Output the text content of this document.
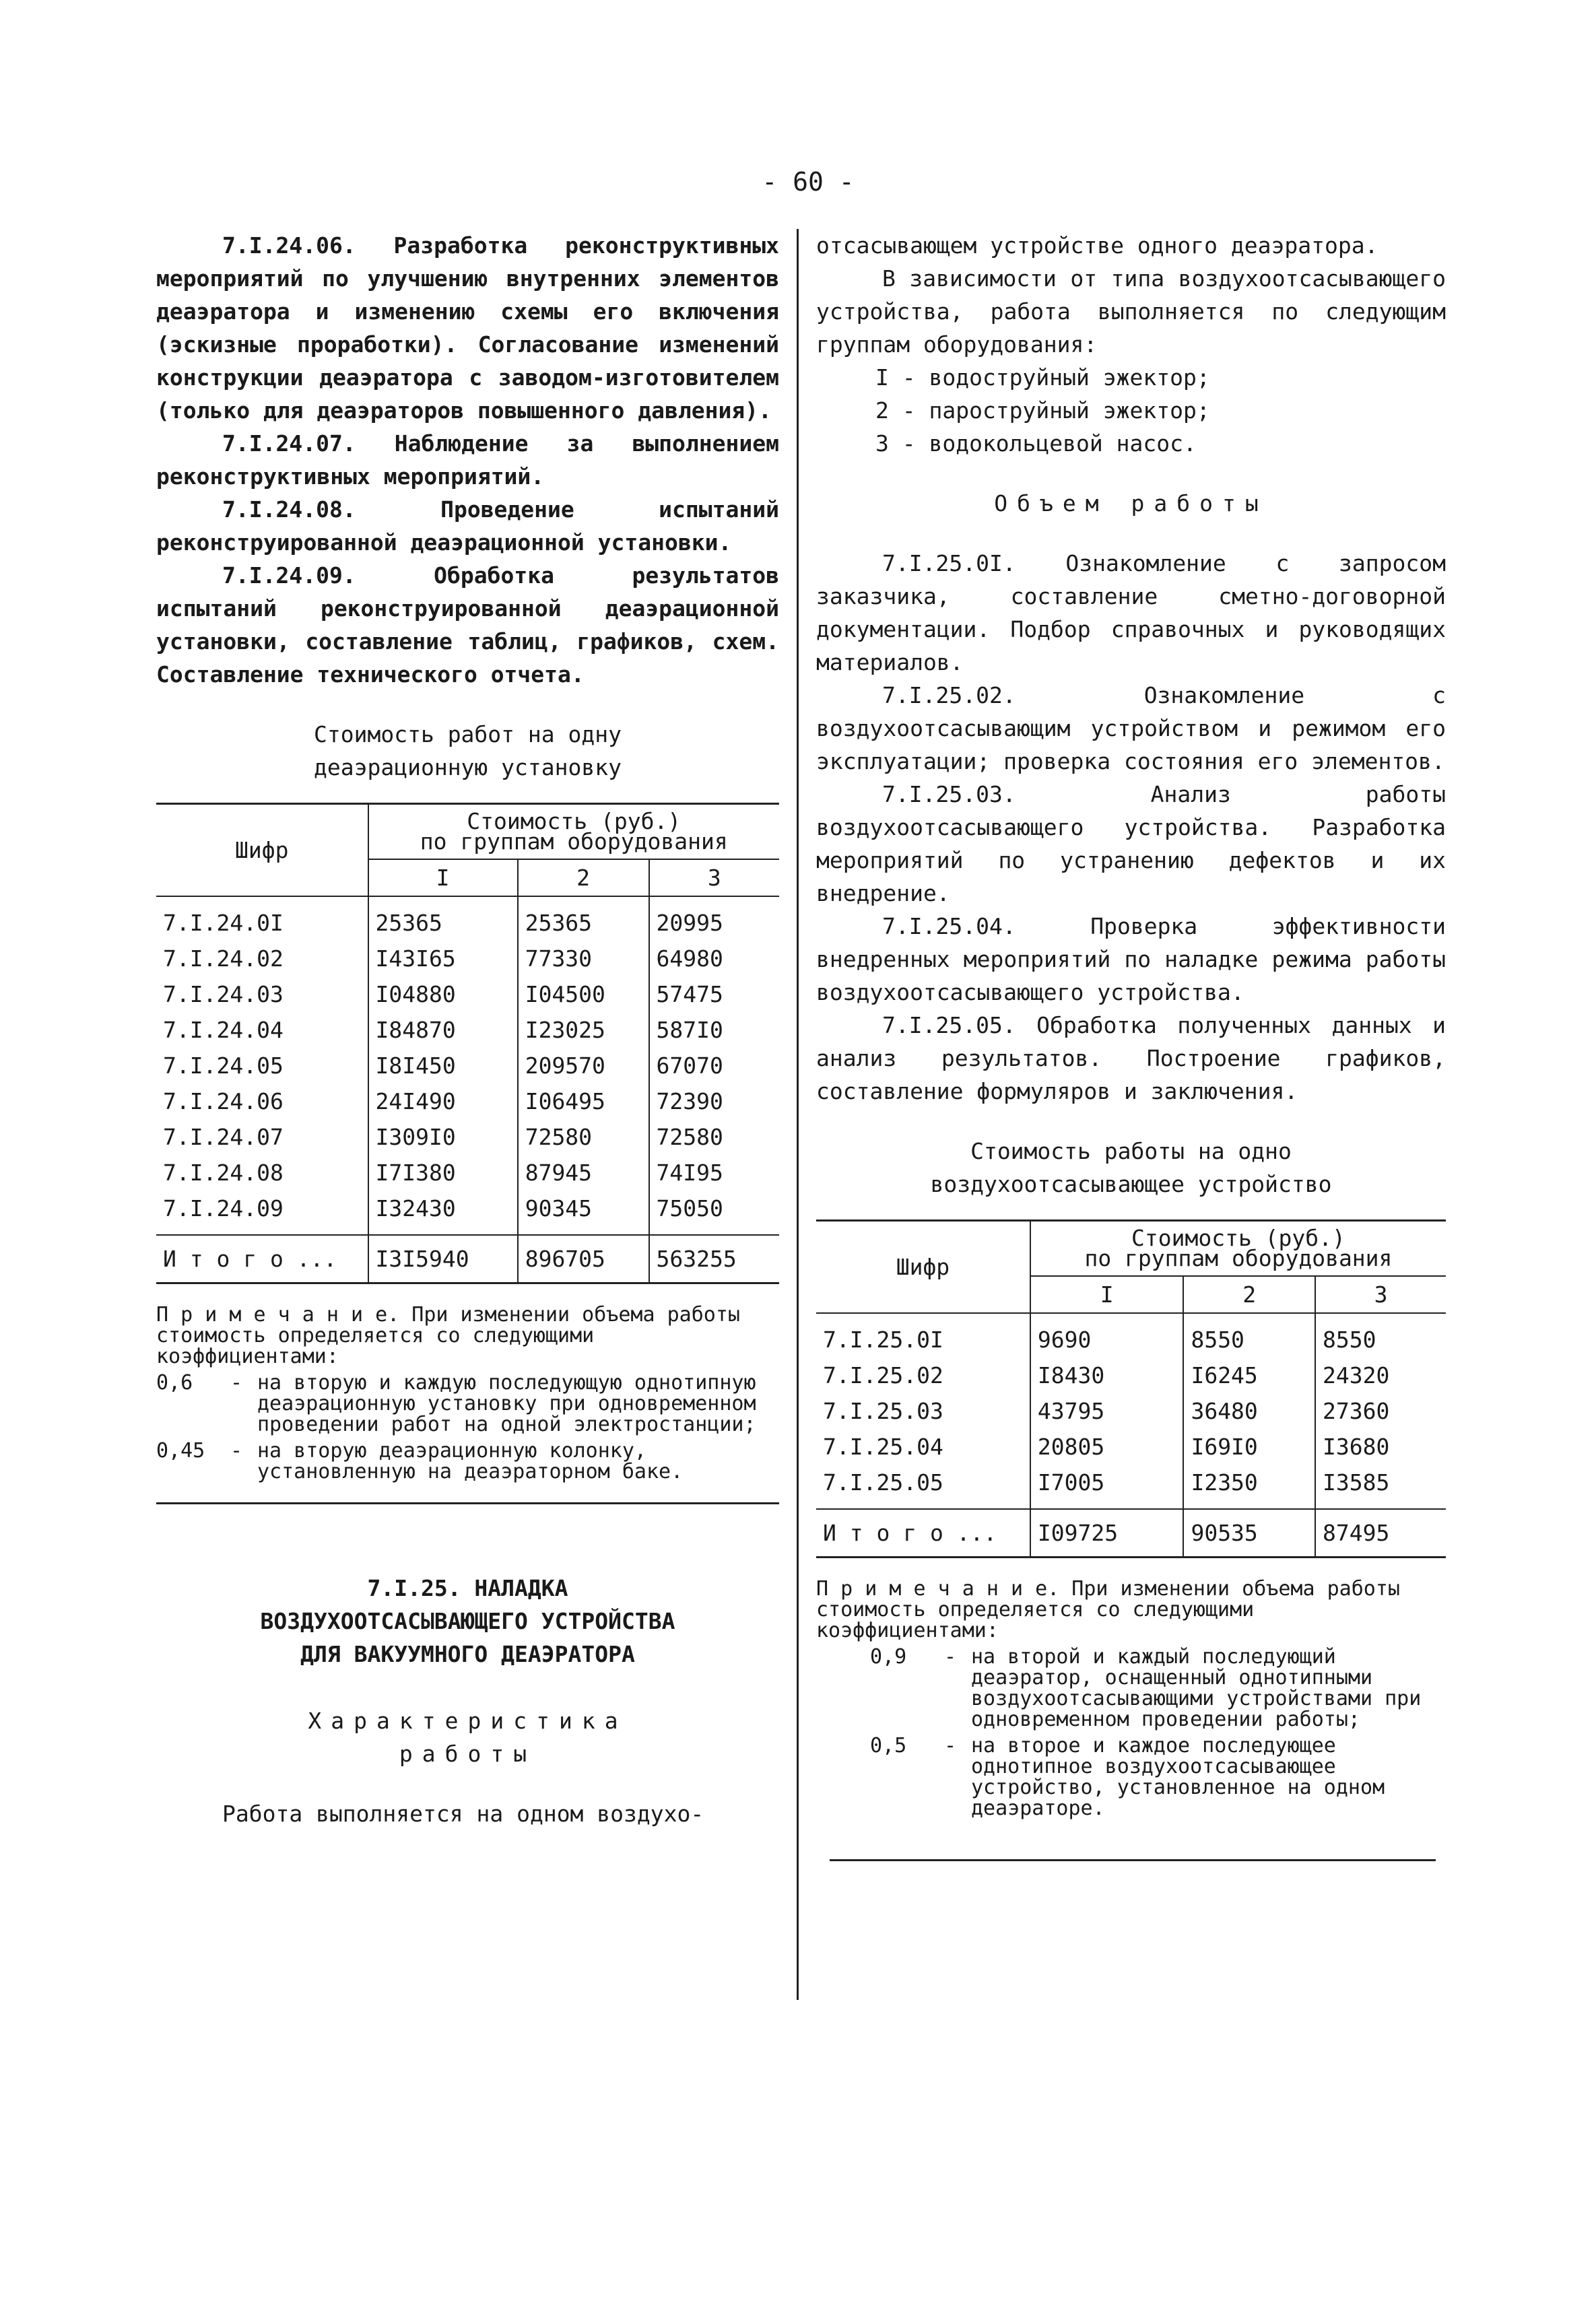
- 60 -

7.I.24.06. Разработка реконструктивных мероприятий по улучшению внутренних элементов деаэратора и изменению схемы его включения (эскизные проработки). Согласование изменений конструкции деаэратора с заводом-изготовителем (только для деаэраторов повышенного давления).

7.I.24.07. Наблюдение за выполнением реконструктивных мероприятий.

7.I.24.08. Проведение испытаний реконструированной деаэрационной установки.

7.I.24.09. Обработка результатов испытаний реконструированной деаэрационной установки, составление таблиц, графиков, схем. Составление технического отчета.

Стоимость работ на одну
деаэрационную установку
Шифр	Стоимость (руб.)
по группам оборудования		

	I	2	3
7.I.24.0I	25365	25365	20995
7.I.24.02	I43I65	77330	64980
7.I.24.03	I04880	I04500	57475
7.I.24.04	I84870	I23025	587I0
7.I.24.05	I8I450	209570	67070
7.I.24.06	24I490	I06495	72390
7.I.24.07	I309I0	72580	72580
7.I.24.08	I7I380	87945	74I95
7.I.24.09	I32430	90345	75050
И т о г о ...	I3I5940	896705	563255
П р и м е ч а н и е. При изменении объема работы стоимость определяется со следующими коэффициентами:
0,6	- на вторую и каждую последующую однотипную деаэрационную установку при одновременном проведении работ на одной электростанции;
0,45	- на вторую деаэрационную колонку, установленную на деаэраторном баке.
7.I.25. НАЛАДКА
ВОЗДУХООТСАСЫВАЮЩЕГО УСТРОЙСТВА
ДЛЯ ВАКУУМНОГО ДЕАЭРАТОРА
Характеристика
работы

Работа выполняется на одном воздухо-

отсасывающем устройстве одного деаэратора.

В зависимости от типа воздухоотсасывающего устройства, работа выполняется по следующим группам оборудования:

I - водоструйный эжектор;
2 - пароструйный эжектор;
3 - водокольцевой насос.
Объем работы

7.I.25.0I. Ознакомление с запросом заказчика, составление сметно-договорной документации. Подбор справочных и руководящих материалов.

7.I.25.02. Ознакомление с воздухоотсасывающим устройством и режимом его эксплуатации; проверка состояния его элементов.

7.I.25.03. Анализ работы воздухоотсасывающего устройства. Разработка мероприятий по устранению дефектов и их внедрение.

7.I.25.04. Проверка эффективности внедренных мероприятий по наладке режима работы воздухоотсасывающего устройства.

7.I.25.05. Обработка полученных данных и анализ результатов. Построение графиков, составление формуляров и заключения.

Стоимость работы на одно
воздухоотсасывающее устройство
Шифр	Стоимость (руб.)
по группам оборудования		

	I	2	3
7.I.25.0I	9690	8550	8550
7.I.25.02	I8430	I6245	24320
7.I.25.03	43795	36480	27360
7.I.25.04	20805	I69I0	I3680
7.I.25.05	I7005	I2350	I3585
И т о г о ...	I09725	90535	87495
П р и м е ч а н и е. При изменении объема работы стоимость определяется со следующими коэффициентами:
0,9	- на второй и каждый последующий деаэратор, оснащенный однотипными воздухоотсасывающими устройствами при одновременном проведении работы;
0,5	- на второе и каждое последующее однотипное воздухоотсасывающее устройство, установленное на одном деаэраторе.
